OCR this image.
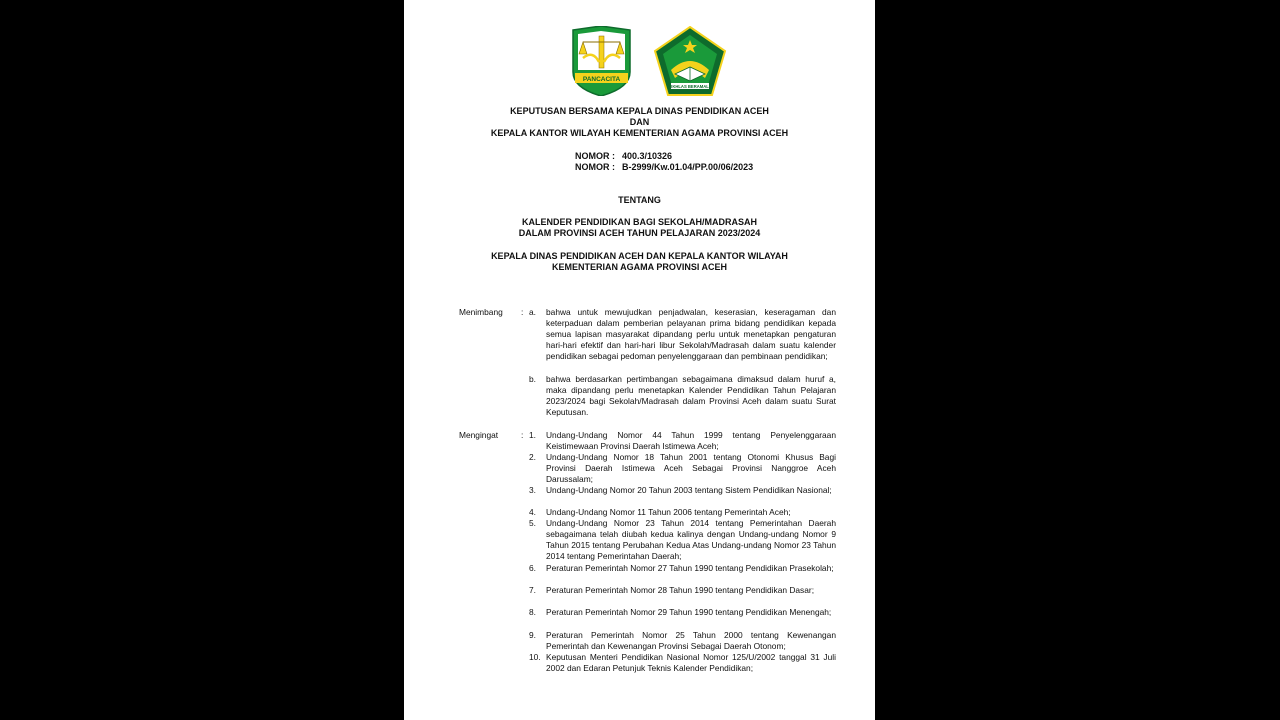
PANCACITA
IKHLAS BERAMAL
KEPUTUSAN BERSAMA KEPALA DINAS PENDIDIKAN ACEH
DAN
KEPALA KANTOR WILAYAH KEMENTERIAN AGAMA PROVINSI ACEH
NOMOR : 400.3/10326
NOMOR : B-2999/Kw.01.04/PP.00/06/2023
TENTANG
KALENDER PENDIDIKAN BAGI SEKOLAH/MADRASAH
DALAM PROVINSI ACEH TAHUN PELAJARAN 2023/2024
KEPALA DINAS PENDIDIKAN ACEH DAN KEPALA KANTOR WILAYAH
KEMENTERIAN AGAMA PROVINSI ACEH
Menimbang : a.	bahwa untuk mewujudkan penjadwalan, keserasian, keseragaman dan keterpaduan dalam pemberian pelayanan prima bidang pendidikan kepada semua lapisan masyarakat dipandang perlu untuk menetapkan pengaturan hari-hari efektif dan hari-hari libur Sekolah/Madrasah dalam suatu kalender pendidikan sebagai pedoman penyelenggaraan dan pembinaan pendidikan;
b.	bahwa berdasarkan pertimbangan sebagaimana dimaksud dalam huruf a, maka dipandang perlu menetapkan Kalender Pendidikan Tahun Pelajaran 2023/2024 bagi Sekolah/Madrasah dalam Provinsi Aceh dalam suatu Surat Keputusan.
Mengingat	: 1.	Undang-Undang Nomor 44 Tahun 1999 tentang Penyelenggaraan Keistimewaan Provinsi Daerah Istimewa Aceh;
2.	Undang-Undang Nomor 18 Tahun 2001 tentang Otonomi Khusus Bagi Provinsi Daerah Istimewa Aceh Sebagai Provinsi Nanggroe Aceh Darussalam;
3.	Undang-Undang Nomor 20 Tahun 2003 tentang Sistem Pendidikan Nasional;
4.	Undang-Undang Nomor 11 Tahun 2006 tentang Pemerintah Aceh;
5.	Undang-Undang Nomor 23 Tahun 2014 tentang Pemerintahan Daerah sebagaimana telah diubah kedua kalinya dengan Undang-undang Nomor 9 Tahun 2015 tentang Perubahan Kedua Atas Undang-undang Nomor 23 Tahun 2014 tentang Pemerintahan Daerah;
6.	Peraturan Pemerintah Nomor 27 Tahun 1990 tentang Pendidikan Prasekolah;
7.	Peraturan Pemerintah Nomor 28 Tahun 1990 tentang Pendidikan Dasar;
8.	Peraturan Pemerintah Nomor 29 Tahun 1990 tentang Pendidikan Menengah;
9.	Peraturan Pemerintah Nomor 25 Tahun 2000 tentang Kewenangan Pemerintah dan Kewenangan Provinsi Sebagai Daerah Otonom;
10. Keputusan Menteri Pendidikan Nasional Nomor 125/U/2002 tanggal 31 Juli 2002 dan Edaran Petunjuk Teknis Kalender Pendidikan;
